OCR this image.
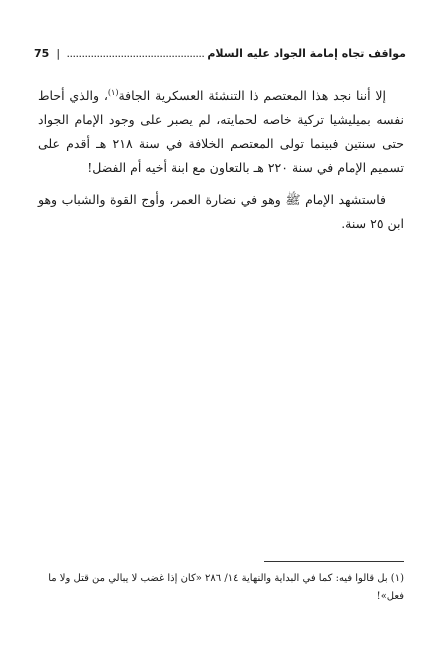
مواقف تجاه إمامة الجواد عليه السلام
..............................................
|
75

إلا أننا نجد هذا المعتصم ذا التنشئة العسكرية الجافة$^{(١)}$، والذي أحاط نفسه بميليشيا تركية خاصه لحمايته، لم يصبر على وجود الإمام الجواد حتى سنتين فبينما تولى المعتصم الخلافة في سنة ٢١٨ هـ أقدم على تسميم الإمام في سنة ٢٢٠ هـ بالتعاون مع ابنة أخيه أم الفضل!

فاستشهد الإمام ﷺ وهو في نضارة العمر، وأوج القوة والشباب وهو ابن ٢٥ سنة.

(١) بل قالوا فيه: كما في البداية والنهاية ١٤/ ٢٨٦ «كان إذا غضب لا يبالي من قتل ولا ما فعل»!
